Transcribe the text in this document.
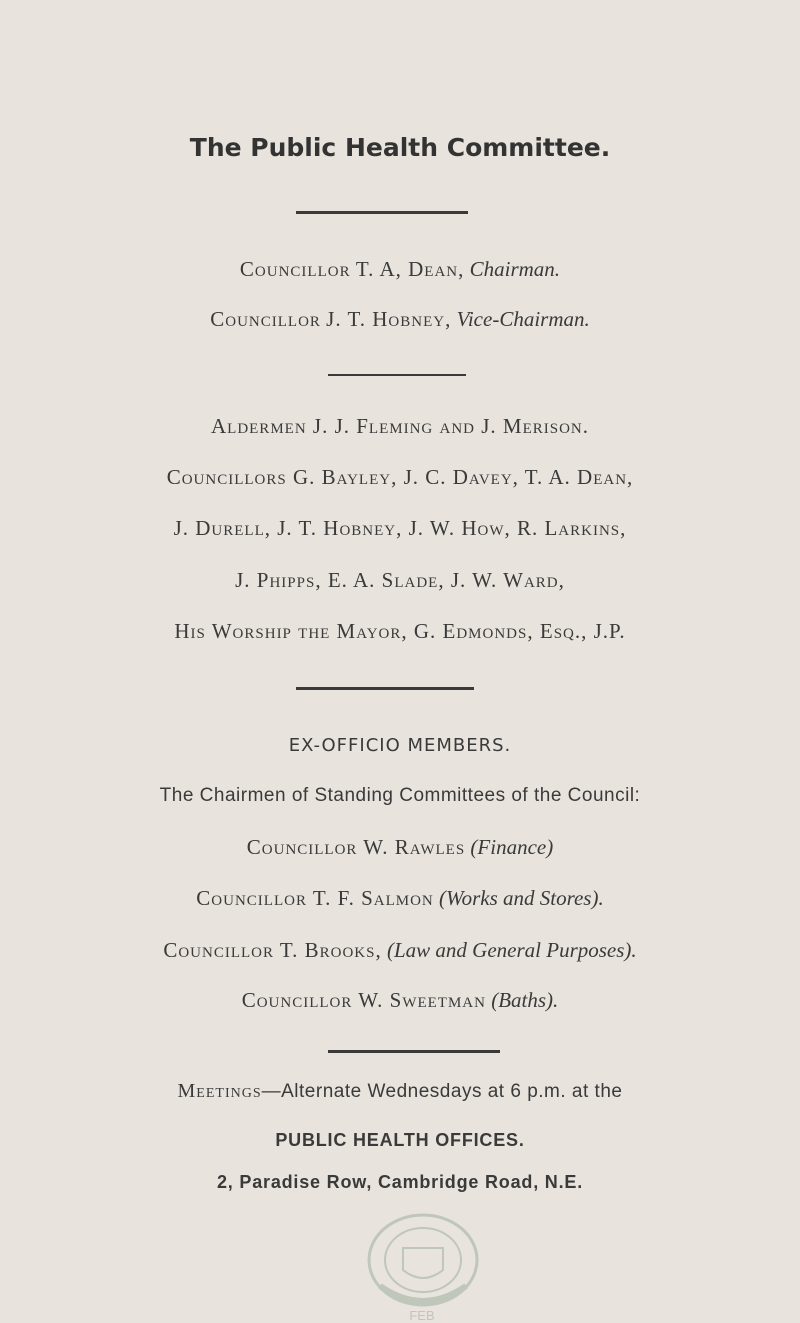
The Public Health Committee.
Councillor T. A, Dean, Chairman.
Councillor J. T. Hobney, Vice-Chairman.
Aldermen J. J. Fleming and J. Merison.
Councillors G. Bayley, J. C. Davey, T. A. Dean,
J. Durell, J. T. Hobney, J. W. How, R. Larkins,
J. Phipps, E. A. Slade, J. W. Ward,
His Worship the Mayor, G. Edmonds, Esq., J.P.
EX-OFFICIO MEMBERS.
The Chairmen of Standing Committees of the Council:
Councillor W. Rawles (Finance)
Councillor T. F. Salmon (Works and Stores).
Councillor T. Brooks, (Law and General Purposes).
Councillor W. Sweetman (Baths).
Meetings—Alternate Wednesdays at 6 p.m. at the
PUBLIC HEALTH OFFICES.
2, Paradise Row, Cambridge Road, N.E.
FEB
